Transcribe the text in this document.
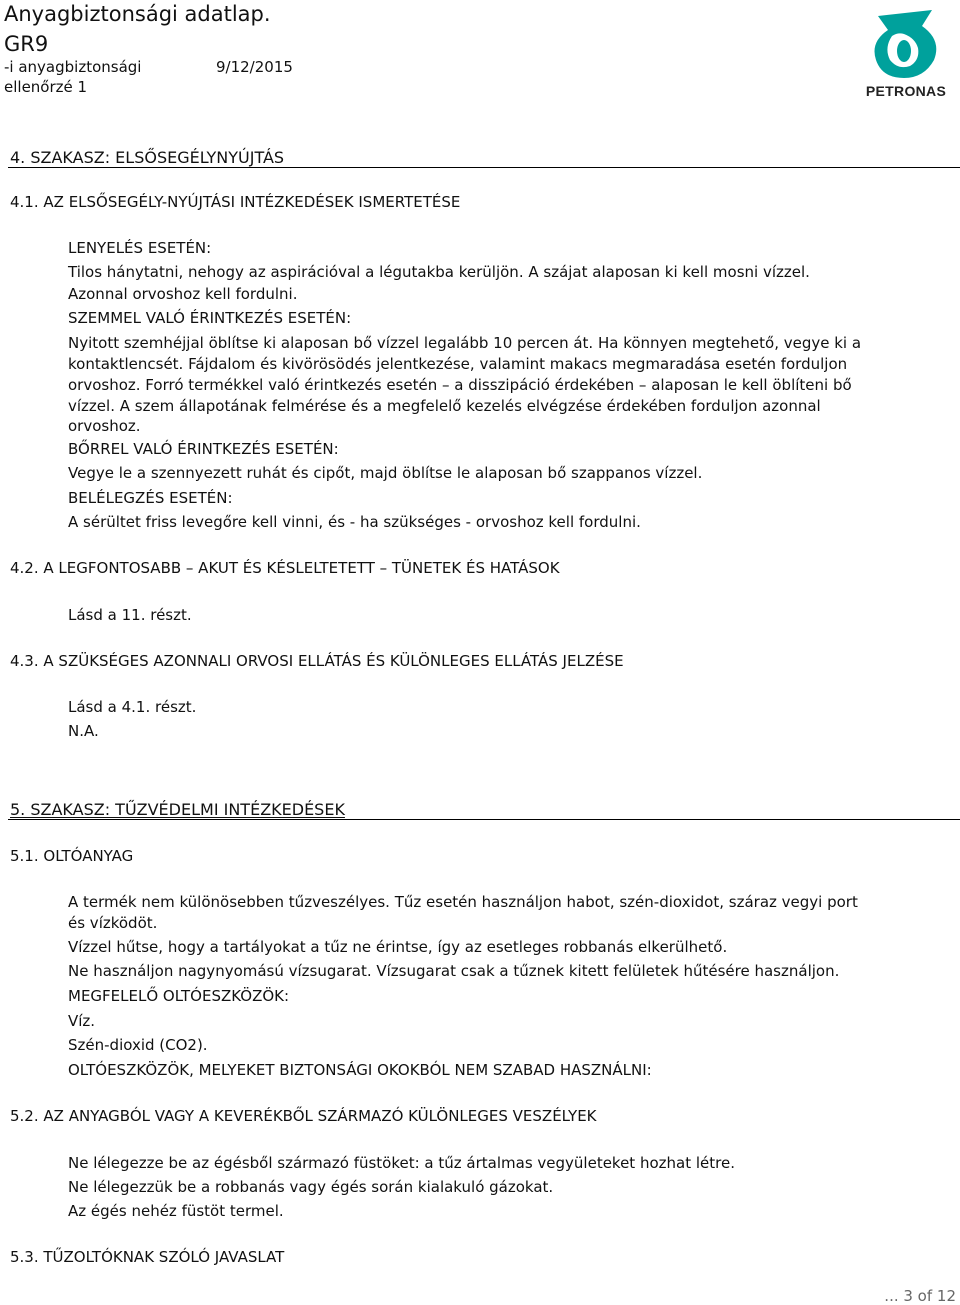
Anyagbiztonsági adatlap.
GR9
-i anyagbiztonsági
ellenőrzé 1
9/12/2015
PETRONAS
4. SZAKASZ: ELSŐSEGÉLYNYÚJTÁS
4.1. AZ ELSŐSEGÉLY-NYÚJTÁSI INTÉZKEDÉSEK ISMERTETÉSE
LENYELÉS ESETÉN:
Tilos hánytatni, nehogy az aspirációval a légutakba kerüljön. A szájat alaposan ki kell mosni vízzel.
Azonnal orvoshoz kell fordulni.
SZEMMEL VALÓ ÉRINTKEZÉS ESETÉN:
Nyitott szemhéjjal öblítse ki alaposan bő vízzel legalább 10 percen át. Ha könnyen megtehető, vegye ki a
kontaktlencsét. Fájdalom és kivörösödés jelentkezése, valamint makacs megmaradása esetén forduljon
orvoshoz. Forró termékkel való érintkezés esetén – a disszipáció érdekében – alaposan le kell öblíteni bő
vízzel. A szem állapotának felmérése és a megfelelő kezelés elvégzése érdekében forduljon azonnal
orvoshoz.
BŐRREL VALÓ ÉRINTKEZÉS ESETÉN:
Vegye le a szennyezett ruhát és cipőt, majd öblítse le alaposan bő szappanos vízzel.
BELÉLEGZÉS ESETÉN:
A sérültet friss levegőre kell vinni, és - ha szükséges - orvoshoz kell fordulni.
4.2. A LEGFONTOSABB – AKUT ÉS KÉSLELTETETT – TÜNETEK ÉS HATÁSOK
Lásd a 11. részt.
4.3. A SZÜKSÉGES AZONNALI ORVOSI ELLÁTÁS ÉS KÜLÖNLEGES ELLÁTÁS JELZÉSE
Lásd a 4.1. részt.
N.A.
5. SZAKASZ: TŰZVÉDELMI INTÉZKEDÉSEK
5.1. OLTÓANYAG
A termék nem különösebben tűzveszélyes. Tűz esetén használjon habot, szén-dioxidot, száraz vegyi port
és vízködöt.
Vízzel hűtse, hogy a tartályokat a tűz ne érintse, így az esetleges robbanás elkerülhető.
Ne használjon nagynyomású vízsugarat. Vízsugarat csak a tűznek kitett felületek hűtésére használjon.
MEGFELELŐ OLTÓESZKÖZÖK:
Víz.
Szén-dioxid (CO2).
OLTÓESZKÖZÖK, MELYEKET BIZTONSÁGI OKOKBÓL NEM SZABAD HASZNÁLNI:
5.2. AZ ANYAGBÓL VAGY A KEVERÉKBŐL SZÁRMAZÓ KÜLÖNLEGES VESZÉLYEK
Ne lélegezze be az égésből származó füstöket: a tűz ártalmas vegyületeket hozhat létre.
Ne lélegezzük be a robbanás vagy égés során kialakuló gázokat.
Az égés nehéz füstöt termel.
5.3. TŰZOLTÓKNAK SZÓLÓ JAVASLAT
... 3 of 12
